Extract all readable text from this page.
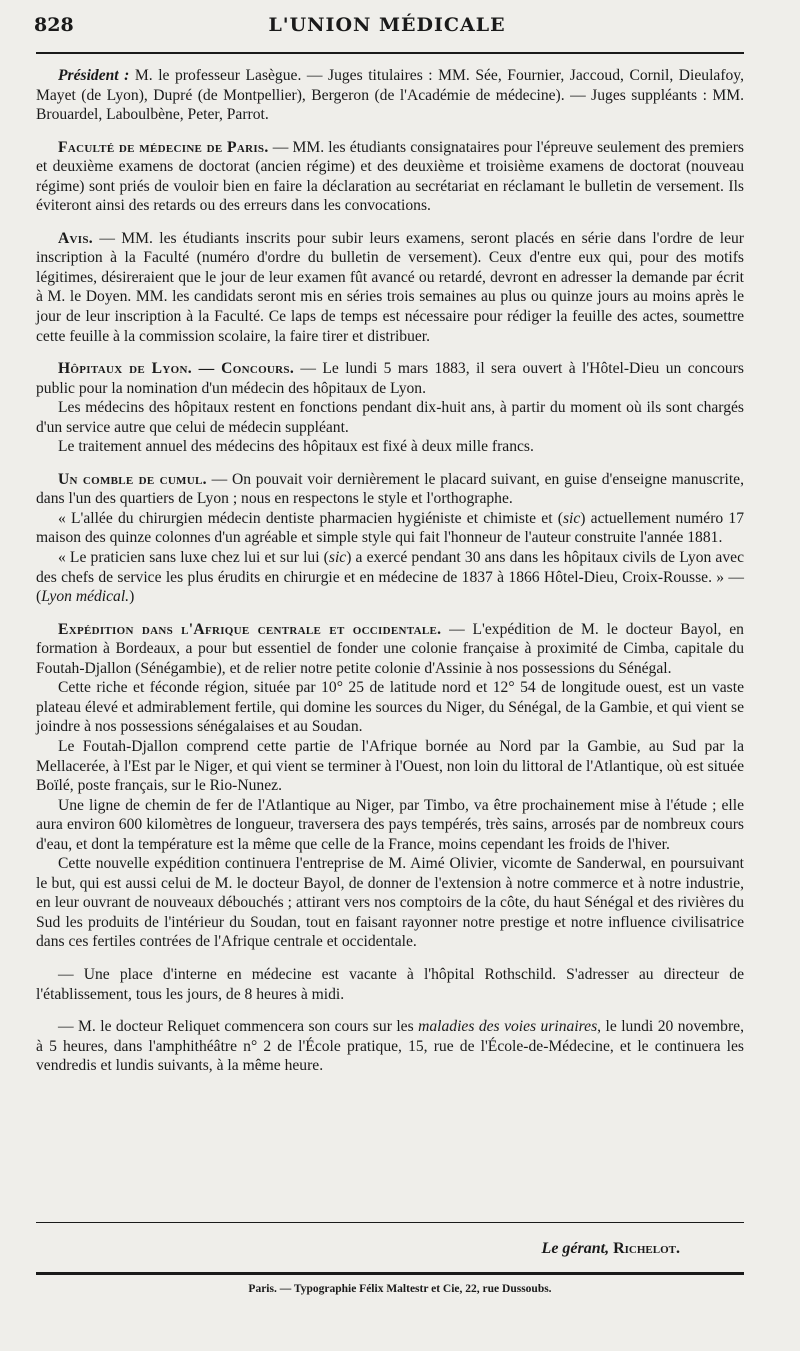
828	L'UNION MÉDICALE

Président : M. le professeur Lasègue. — Juges titulaires : MM. Sée, Fournier, Jaccoud, Cornil, Dieulafoy, Mayet (de Lyon), Dupré (de Montpellier), Bergeron (de l'Académie de médecine). — Juges suppléants : MM. Brouardel, Laboulbène, Peter, Parrot.

Faculté de médecine de Paris. — MM. les étudiants consignataires pour l'épreuve seulement des premiers et deuxième examens de doctorat (ancien régime) et des deuxième et troisième examens de doctorat (nouveau régime) sont priés de vouloir bien en faire la déclaration au secrétariat en réclamant le bulletin de versement. Ils éviteront ainsi des retards ou des erreurs dans les convocations.

Avis. — MM. les étudiants inscrits pour subir leurs examens, seront placés en série dans l'ordre de leur inscription à la Faculté (numéro d'ordre du bulletin de versement). Ceux d'entre eux qui, pour des motifs légitimes, désireraient que le jour de leur examen fût avancé ou retardé, devront en adresser la demande par écrit à M. le Doyen. MM. les candidats seront mis en séries trois semaines au plus ou quinze jours au moins après le jour de leur inscription à la Faculté. Ce laps de temps est nécessaire pour rédiger la feuille des actes, soumettre cette feuille à la commission scolaire, la faire tirer et distribuer.

Hôpitaux de Lyon. — Concours. — Le lundi 5 mars 1883, il sera ouvert à l'Hôtel-Dieu un concours public pour la nomination d'un médecin des hôpitaux de Lyon.

Les médecins des hôpitaux restent en fonctions pendant dix-huit ans, à partir du moment où ils sont chargés d'un service autre que celui de médecin suppléant.

Le traitement annuel des médecins des hôpitaux est fixé à deux mille francs.

Un comble de cumul. — On pouvait voir dernièrement le placard suivant, en guise d'enseigne manuscrite, dans l'un des quartiers de Lyon ; nous en respectons le style et l'orthographe.

« L'allée du chirurgien médecin dentiste pharmacien hygiéniste et chimiste et (sic) actuellement numéro 17 maison des quinze colonnes d'un agréable et simple style qui fait l'honneur de l'auteur construite l'année 1881.

« Le praticien sans luxe chez lui et sur lui (sic) a exercé pendant 30 ans dans les hôpitaux civils de Lyon avec des chefs de service les plus érudits en chirurgie et en médecine de 1837 à 1866 Hôtel-Dieu, Croix-Rousse. » — (Lyon médical.)

Expédition dans l'Afrique centrale et occidentale. — L'expédition de M. le docteur Bayol, en formation à Bordeaux, a pour but essentiel de fonder une colonie française à proximité de Cimba, capitale du Foutah-Djallon (Sénégambie), et de relier notre petite colonie d'Assinie à nos possessions du Sénégal.

Cette riche et féconde région, située par 10° 25 de latitude nord et 12° 54 de longitude ouest, est un vaste plateau élevé et admirablement fertile, qui domine les sources du Niger, du Sénégal, de la Gambie, et qui vient se joindre à nos possessions sénégalaises et au Soudan.

Le Foutah-Djallon comprend cette partie de l'Afrique bornée au Nord par la Gambie, au Sud par la Mellacerée, à l'Est par le Niger, et qui vient se terminer à l'Ouest, non loin du littoral de l'Atlantique, où est située Boïlé, poste français, sur le Rio-Nunez.

Une ligne de chemin de fer de l'Atlantique au Niger, par Timbo, va être prochainement mise à l'étude ; elle aura environ 600 kilomètres de longueur, traversera des pays tempérés, très sains, arrosés par de nombreux cours d'eau, et dont la température est la même que celle de la France, moins cependant les froids de l'hiver.

Cette nouvelle expédition continuera l'entreprise de M. Aimé Olivier, vicomte de Sanderwal, en poursuivant le but, qui est aussi celui de M. le docteur Bayol, de donner de l'extension à notre commerce et à notre industrie, en leur ouvrant de nouveaux débouchés ; attirant vers nos comptoirs de la côte, du haut Sénégal et des rivières du Sud les produits de l'intérieur du Soudan, tout en faisant rayonner notre prestige et notre influence civilisatrice dans ces fertiles contrées de l'Afrique centrale et occidentale.

— Une place d'interne en médecine est vacante à l'hôpital Rothschild. S'adresser au directeur de l'établissement, tous les jours, de 8 heures à midi.

— M. le docteur Reliquet commencera son cours sur les maladies des voies urinaires, le lundi 20 novembre, à 5 heures, dans l'amphithéâtre n° 2 de l'École pratique, 15, rue de l'École-de-Médecine, et le continuera les vendredis et lundis suivants, à la même heure.

Le gérant, Richelot.
Paris. — Typographie Félix Maltestr et Cie, 22, rue Dussoubs.
